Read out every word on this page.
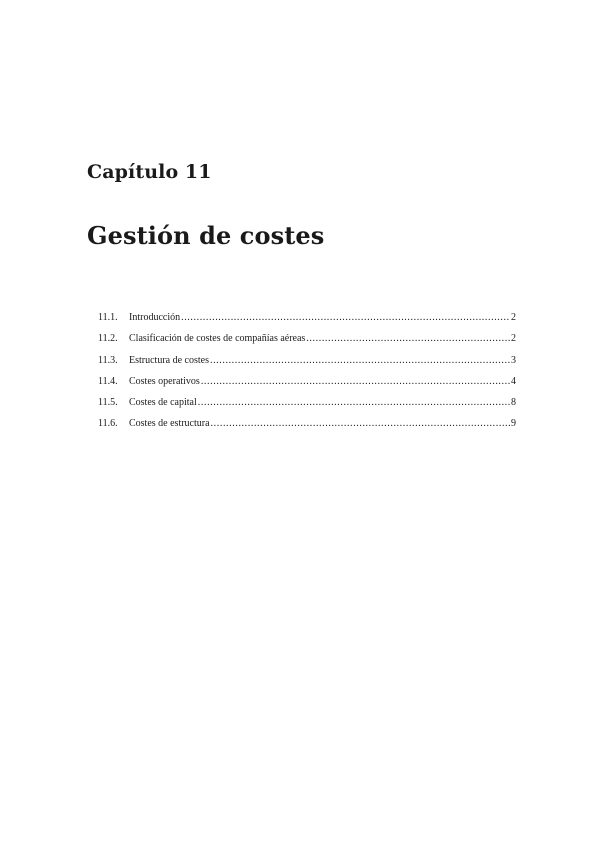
Capítulo 11
Gestión de costes
11.1.	Introducción .....	2
11.2.	Clasificación de costes de compañías aéreas .....	2
11.3.	Estructura de costes .....	3
11.4.	Costes operativos .....	4
11.5.	Costes de capital .....	8
11.6.	Costes de estructura .....	9
